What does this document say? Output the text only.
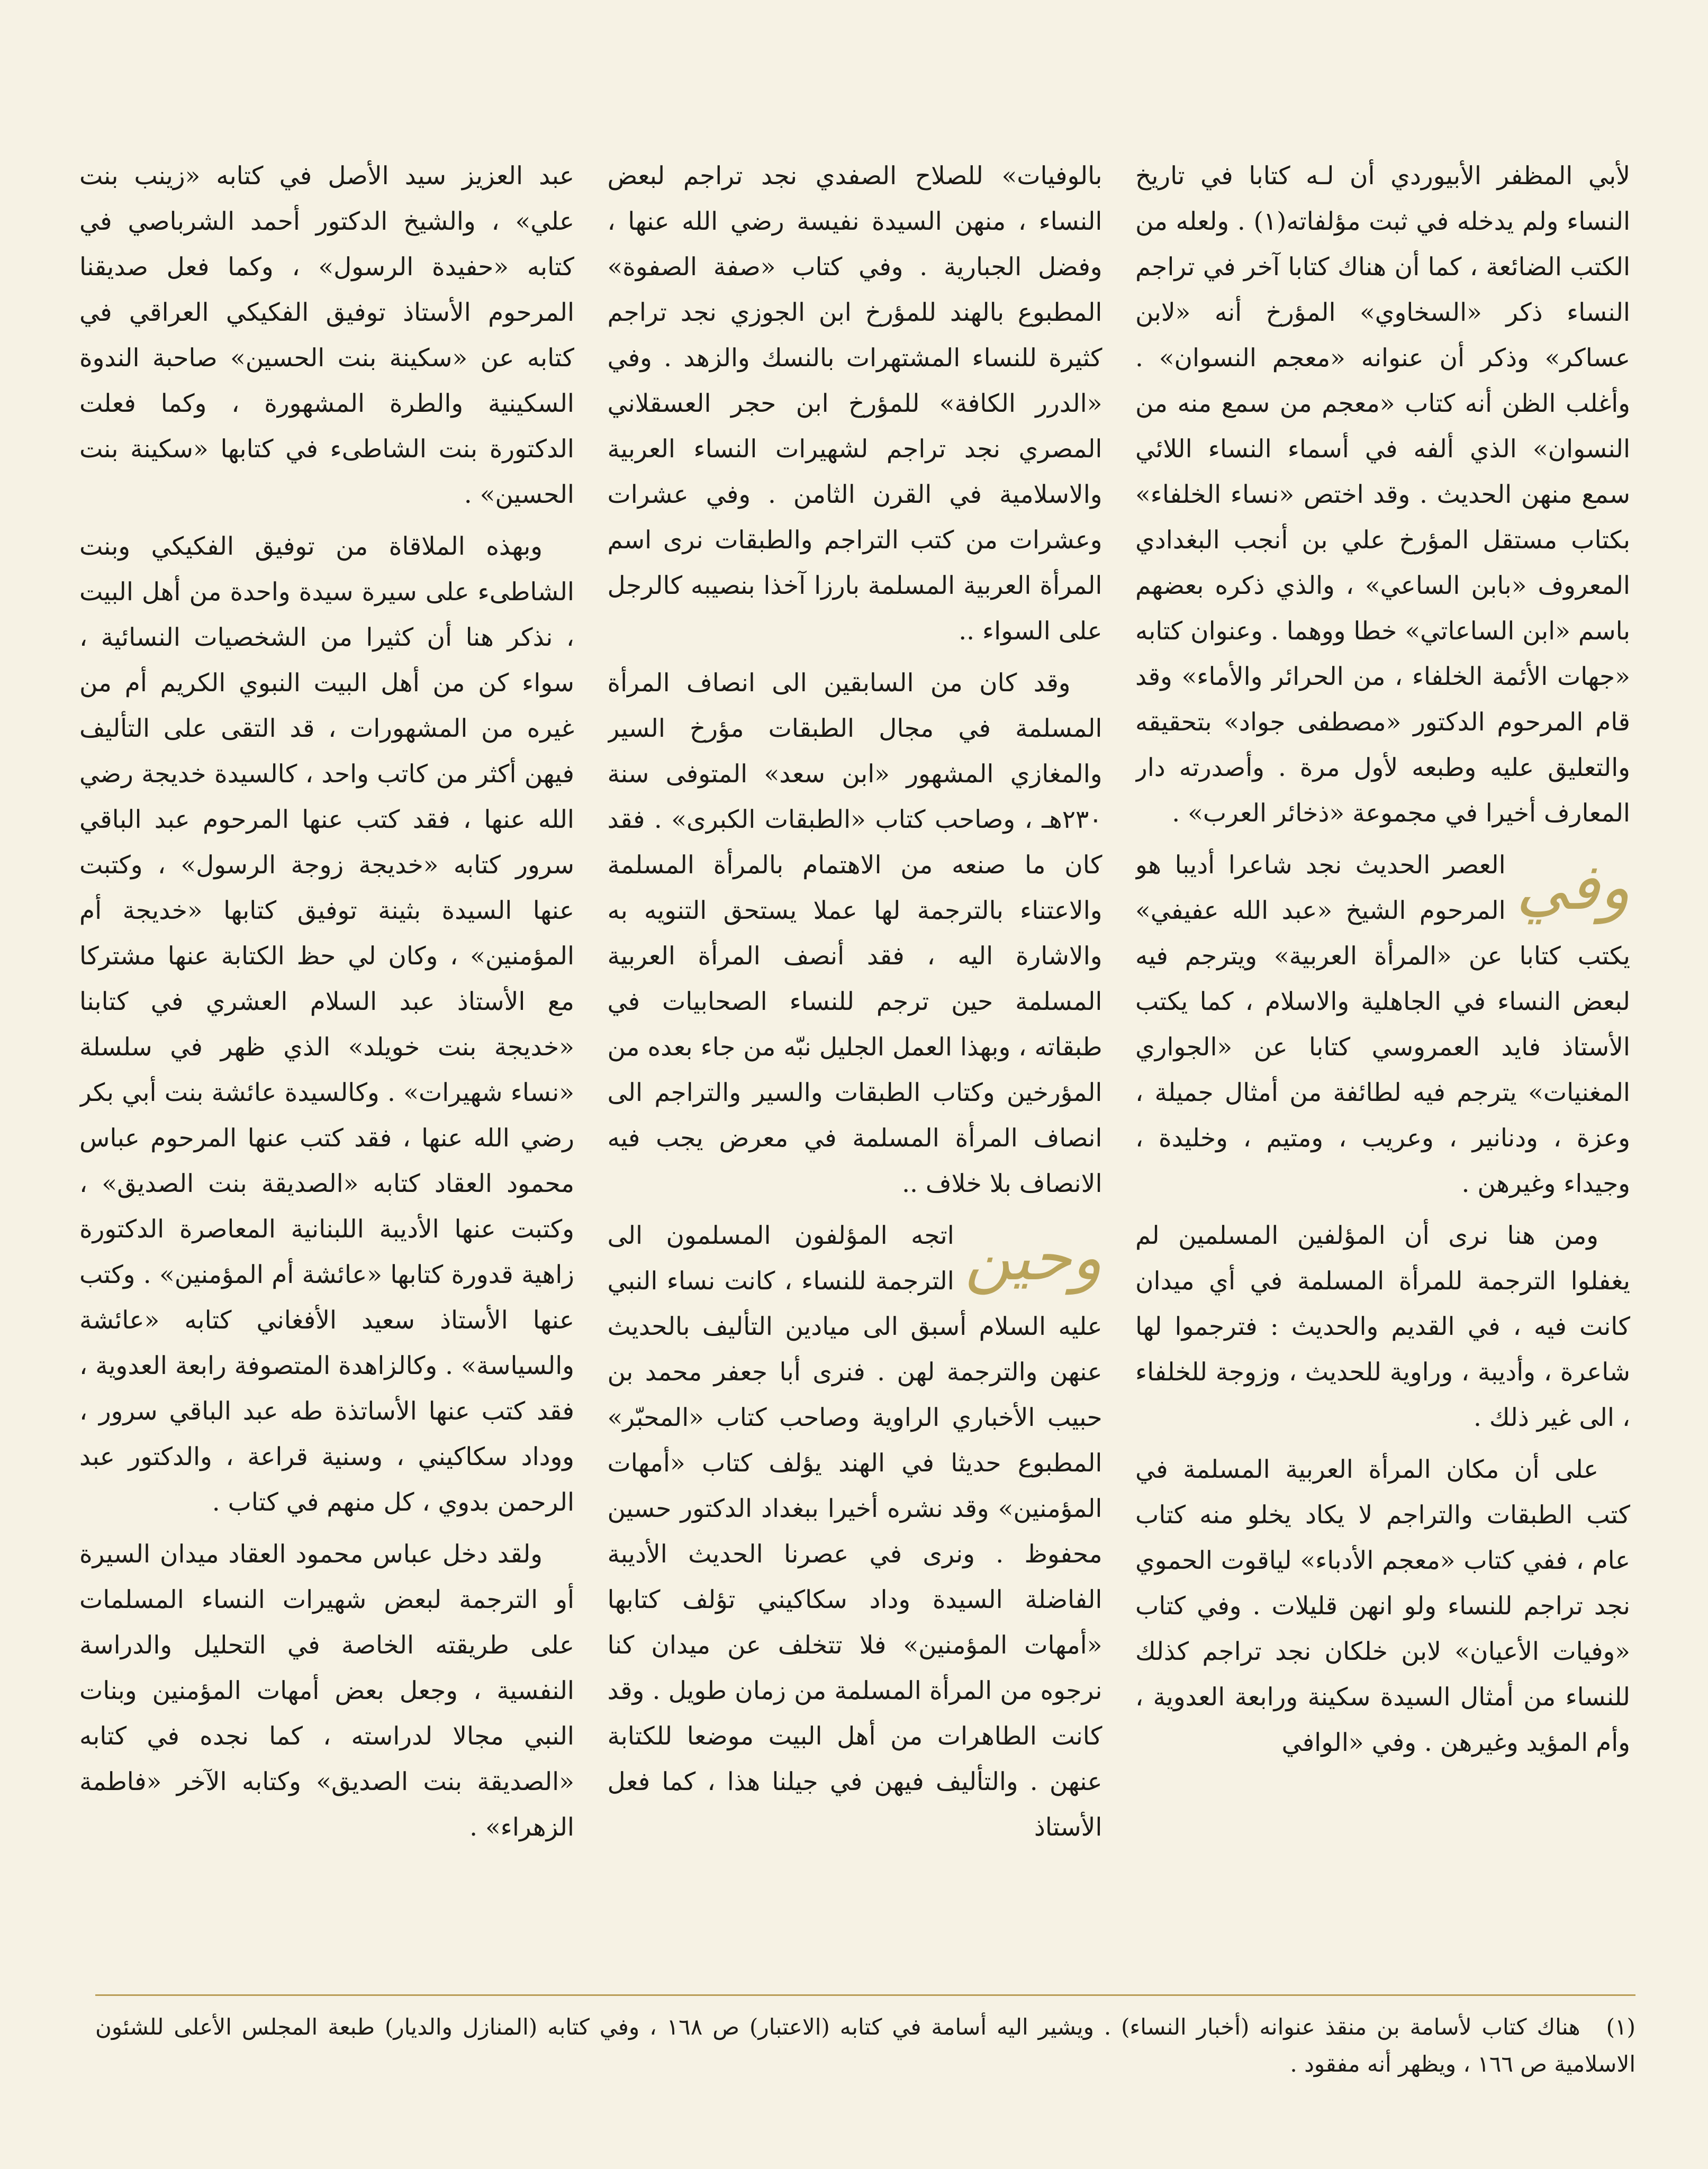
لأبي المظفر الأبيوردي أن لـه كتابا في تاريخ النساء ولم يدخله في ثبت مؤلفاته(١) . ولعله من الكتب الضائعة ، كما أن هناك كتابا آخر في تراجم النساء ذكر «السخاوي» المؤرخ أنه «لابن عساكر» وذكر أن عنوانه «معجم النسوان» . وأغلب الظن أنه كتاب «معجم من سمع منه من النسوان» الذي ألفه في أسماء النساء اللائي سمع منهن الحديث . وقد اختص «نساء الخلفاء» بكتاب مستقل المؤرخ علي بن أنجب البغدادي المعروف «بابن الساعي» ، والذي ذكره بعضهم باسم «ابن الساعاتي» خطا ووهما . وعنوان كتابه «جهات الأئمة الخلفاء ، من الحرائر والأماء» وقد قام المرحوم الدكتور «مصطفى جواد» بتحقيقه والتعليق عليه وطبعه لأول مرة . وأصدرته دار المعارف أخيرا في مجموعة «ذخائر العرب» .

وفي

العصر الحديث نجد شاعرا أديبا هو المرحوم الشيخ «عبد الله عفيفي» يكتب كتابا عن «المرأة العربية» ويترجم فيه لبعض النساء في الجاهلية والاسلام ، كما يكتب الأستاذ فايد العمروسي كتابا عن «الجواري المغنيات» يترجم فيه لطائفة من أمثال جميلة ، وعزة ، ودنانير ، وعريب ، ومتيم ، وخليدة ، وجيداء وغيرهن .

ومن هنا نرى أن المؤلفين المسلمين لم يغفلوا الترجمة للمرأة المسلمة في أي ميدان كانت فيه ، في القديم والحديث : فترجموا لها شاعرة ، وأديبة ، وراوية للحديث ، وزوجة للخلفاء ، الى غير ذلك .

على أن مكان المرأة العربية المسلمة في كتب الطبقات والتراجم لا يكاد يخلو منه كتاب عام ، ففي كتاب «معجم الأدباء» لياقوت الحموي نجد تراجم للنساء ولو انهن قليلات . وفي كتاب «وفيات الأعيان» لابن خلكان نجد تراجم كذلك للنساء من أمثال السيدة سكينة ورابعة العدوية ، وأم المؤيد وغيرهن . وفي «الوافي

بالوفيات» للصلاح الصفدي نجد تراجم لبعض النساء ، منهن السيدة نفيسة رضي الله عنها ، وفضل الجبارية . وفي كتاب «صفة الصفوة» المطبوع بالهند للمؤرخ ابن الجوزي نجد تراجم كثيرة للنساء المشتهرات بالنسك والزهد . وفي «الدرر الكافة» للمؤرخ ابن حجر العسقلاني المصري نجد تراجم لشهيرات النساء العربية والاسلامية في القرن الثامن . وفي عشرات وعشرات من كتب التراجم والطبقات نرى اسم المرأة العربية المسلمة بارزا آخذا بنصيبه كالرجل على السواء ..

وقد كان من السابقين الى انصاف المرأة المسلمة في مجال الطبقات مؤرخ السير والمغازي المشهور «ابن سعد» المتوفى سنة ٢٣٠هـ ، وصاحب كتاب «الطبقات الكبرى» . فقد كان ما صنعه من الاهتمام بالمرأة المسلمة والاعتناء بالترجمة لها عملا يستحق التنويه به والاشارة اليه ، فقد أنصف المرأة العربية المسلمة حين ترجم للنساء الصحابيات في طبقاته ، وبهذا العمل الجليل نبّه من جاء بعده من المؤرخين وكتاب الطبقات والسير والتراجم الى انصاف المرأة المسلمة في معرض يجب فيه الانصاف بلا خلاف ..

وحين

اتجه المؤلفون المسلمون الى الترجمة للنساء ، كانت نساء النبي عليه السلام أسبق الى ميادين التأليف بالحديث عنهن والترجمة لهن . فنرى أبا جعفر محمد بن حبيب الأخباري الراوية وصاحب كتاب «المحبّر» المطبوع حديثا في الهند يؤلف كتاب «أمهات المؤمنين» وقد نشره أخيرا ببغداد الدكتور حسين محفوظ . ونرى في عصرنا الحديث الأديبة الفاضلة السيدة وداد سكاكيني تؤلف كتابها «أمهات المؤمنين» فلا تتخلف عن ميدان كنا نرجوه من المرأة المسلمة من زمان طويل . وقد كانت الطاهرات من أهل البيت موضعا للكتابة عنهن . والتأليف فيهن في جيلنا هذا ، كما فعل الأستاذ

عبد العزيز سيد الأصل في كتابه «زينب بنت علي» ، والشيخ الدكتور أحمد الشرباصي في كتابه «حفيدة الرسول» ، وكما فعل صديقنا المرحوم الأستاذ توفيق الفكيكي العراقي في كتابه عن «سكينة بنت الحسين» صاحبة الندوة السكينية والطرة المشهورة ، وكما فعلت الدكتورة بنت الشاطىء في كتابها «سكينة بنت الحسين» .

وبهذه الملاقاة من توفيق الفكيكي وبنت الشاطىء على سيرة سيدة واحدة من أهل البيت ، نذكر هنا أن كثيرا من الشخصيات النسائية ، سواء كن من أهل البيت النبوي الكريم أم من غيره من المشهورات ، قد التقى على التأليف فيهن أكثر من كاتب واحد ، كالسيدة خديجة رضي الله عنها ، فقد كتب عنها المرحوم عبد الباقي سرور كتابه «خديجة زوجة الرسول» ، وكتبت عنها السيدة بثينة توفيق كتابها «خديجة أم المؤمنين» ، وكان لي حظ الكتابة عنها مشتركا مع الأستاذ عبد السلام العشري في كتابنا «خديجة بنت خويلد» الذي ظهر في سلسلة «نساء شهيرات» . وكالسيدة عائشة بنت أبي بكر رضي الله عنها ، فقد كتب عنها المرحوم عباس محمود العقاد كتابه «الصديقة بنت الصديق» ، وكتبت عنها الأديبة اللبنانية المعاصرة الدكتورة زاهية قدورة كتابها «عائشة أم المؤمنين» . وكتب عنها الأستاذ سعيد الأفغاني كتابه «عائشة والسياسة» . وكالزاهدة المتصوفة رابعة العدوية ، فقد كتب عنها الأساتذة طه عبد الباقي سرور ، ووداد سكاكيني ، وسنية قراعة ، والدكتور عبد الرحمن بدوي ، كل منهم في كتاب .

ولقد دخل عباس محمود العقاد ميدان السيرة أو الترجمة لبعض شهيرات النساء المسلمات على طريقته الخاصة في التحليل والدراسة النفسية ، وجعل بعض أمهات المؤمنين وبنات النبي مجالا لدراسته ، كما نجده في كتابه «الصديقة بنت الصديق» وكتابه الآخر «فاطمة الزهراء» .

(١) هناك كتاب لأسامة بن منقذ عنوانه (أخبار النساء) . ويشير اليه أسامة في كتابه (الاعتبار) ص ١٦٨ ، وفي كتابه (المنازل والديار) طبعة المجلس الأعلى للشئون الاسلامية ص ١٦٦ ، ويظهر أنه مفقود .
